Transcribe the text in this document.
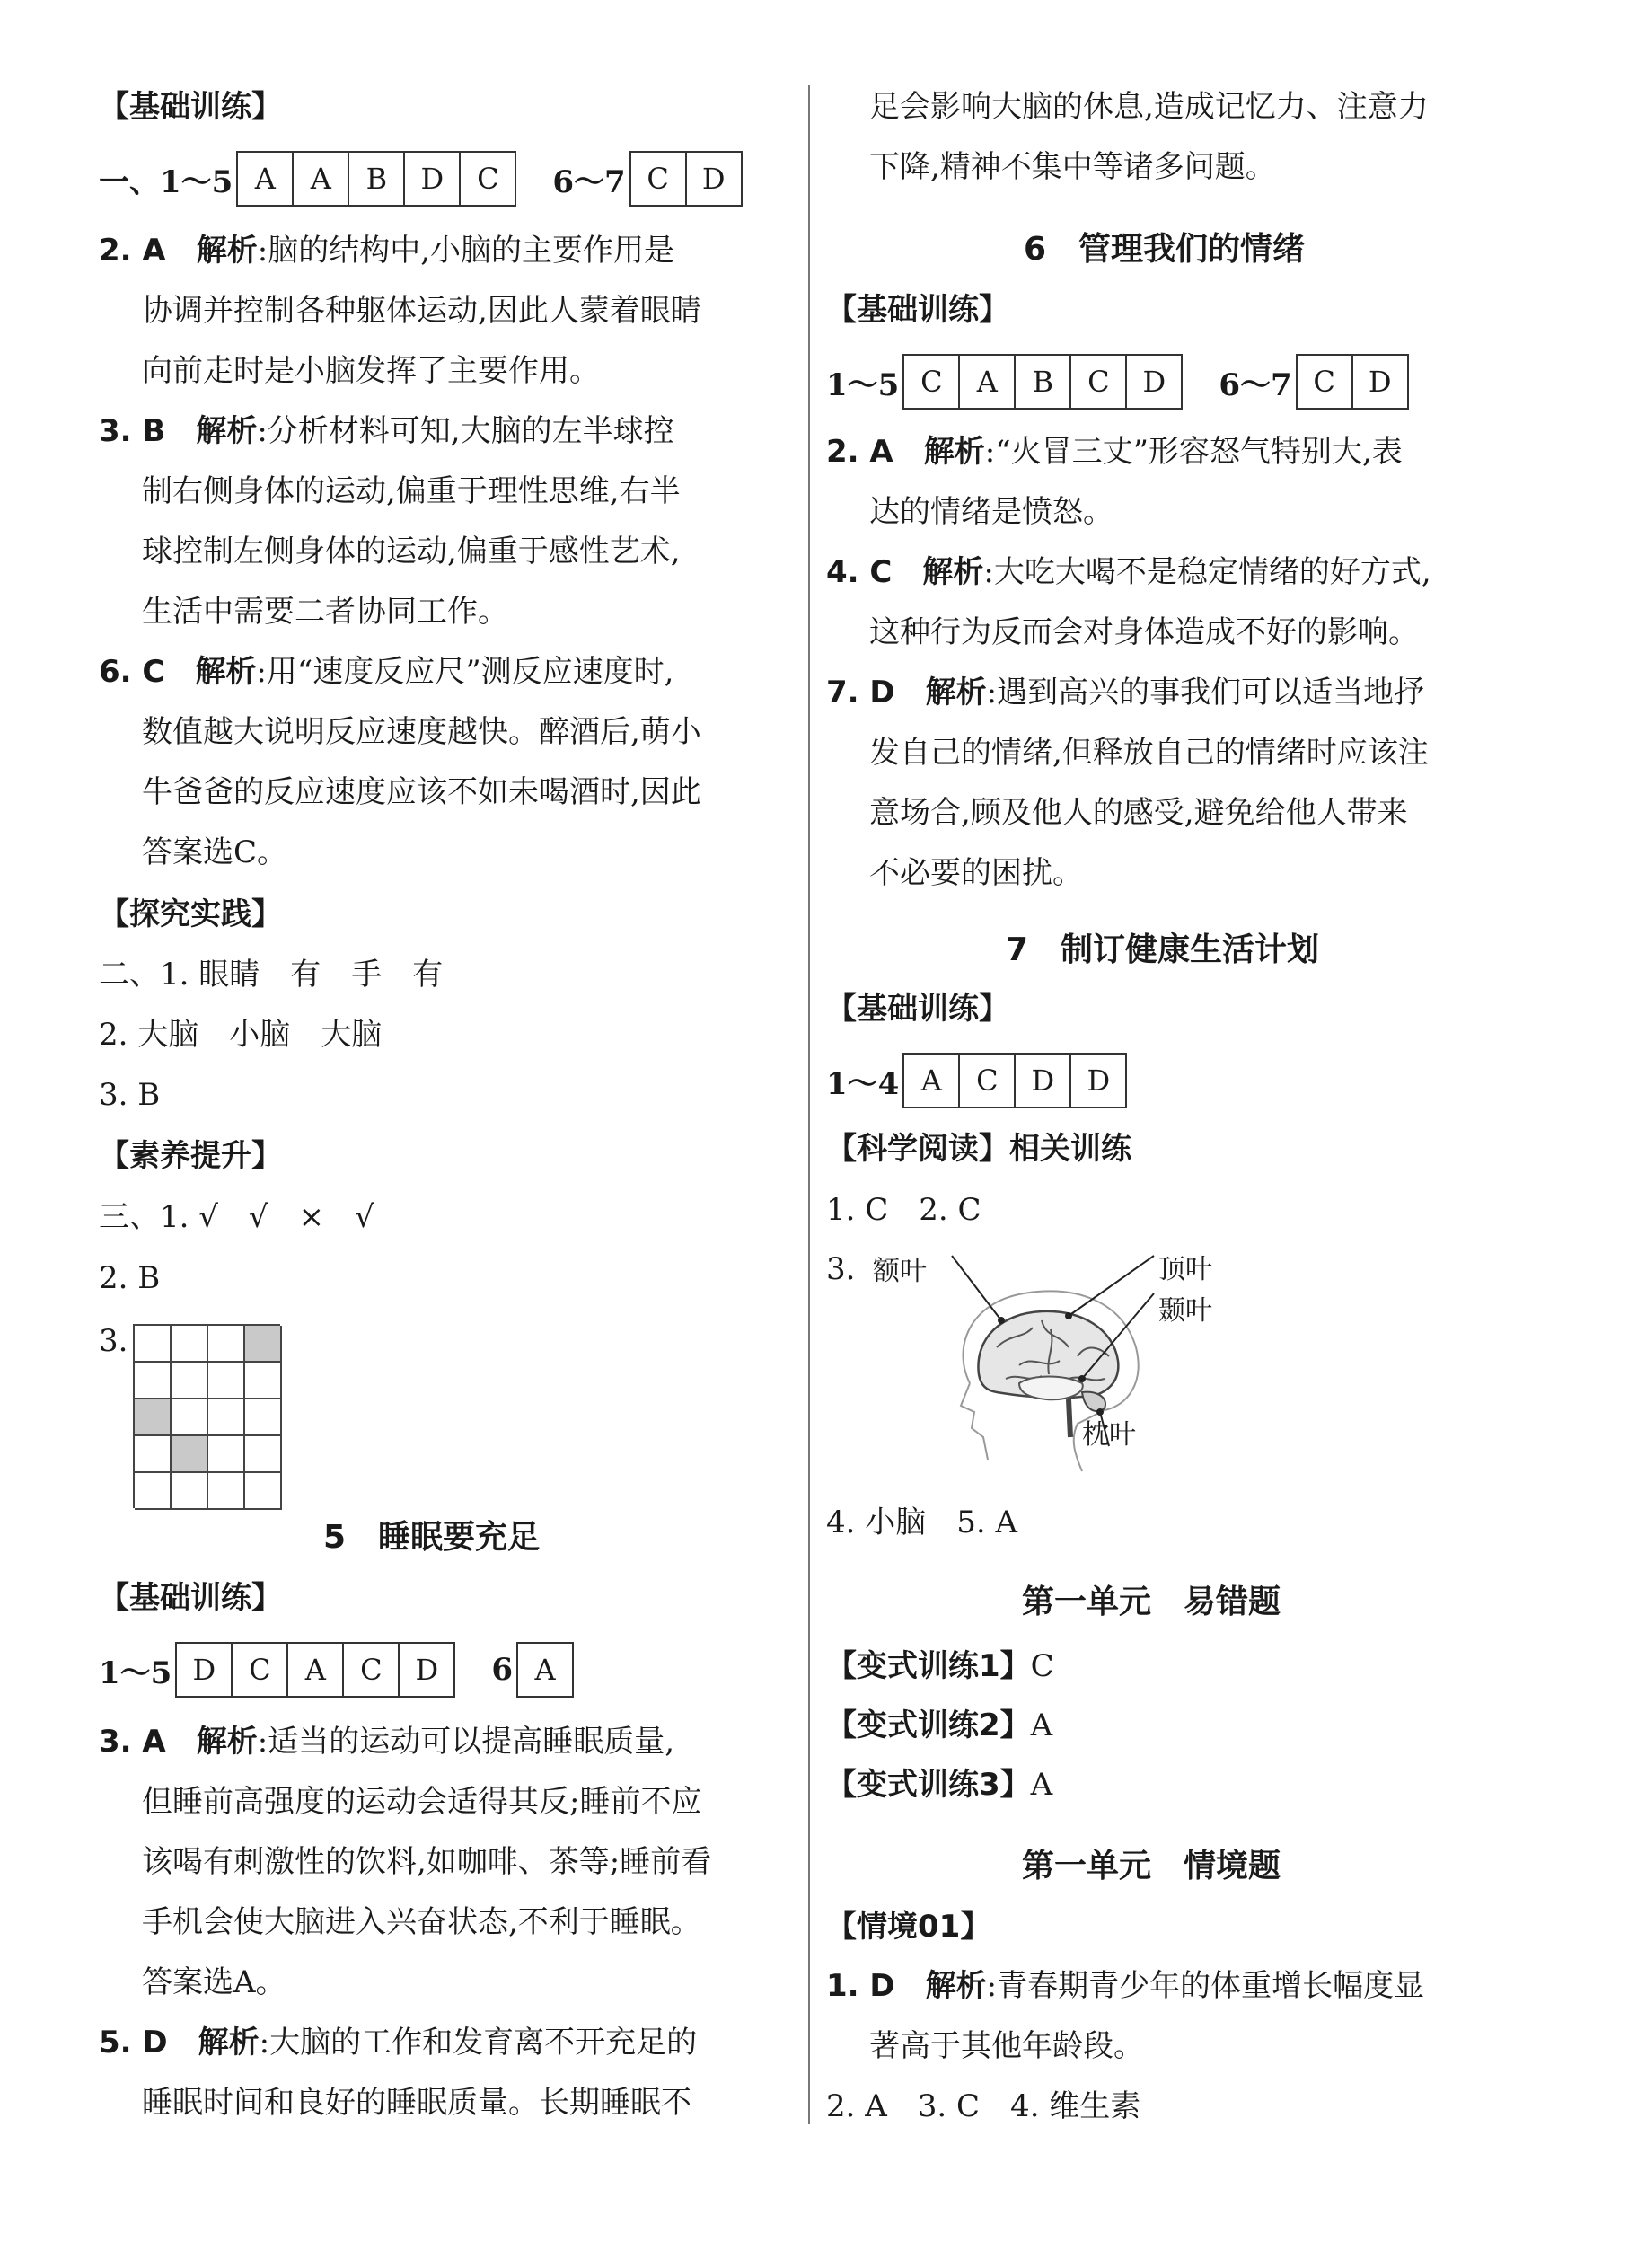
【基础训练】
一、1～5 A	A	B	D	C	6～7 C	D
2. A　 解析:脑的结构中,小脑的主要作用是
协调并控制各种躯体运动,因此人蒙着眼睛
向前走时是小脑发挥了主要作用。
3. B　 解析:分析材料可知,大脑的左半球控
制右侧身体的运动,偏重于理性思维,右半
球控制左侧身体的运动,偏重于感性艺术,
生活中需要二者协同工作。
6. C　 解析:用“速度反应尺”测反应速度时,
数值越大说明反应速度越快。醉酒后,萌小
牛爸爸的反应速度应该不如未喝酒时,因此
答案选C。
【探究实践】
二、1. 眼睛　有　手　有
2. 大脑　小脑　大脑
3. B
【素养提升】
三、1. √　√　×　√
2. B
3.
5　睡眠要充足
【基础训练】
1～5 D	C	A	C	D	6 A
3. A　 解析:适当的运动可以提高睡眠质量,
但睡前高强度的运动会适得其反;睡前不应
该喝有刺激性的饮料,如咖啡、茶等;睡前看
手机会使大脑进入兴奋状态,不利于睡眠。
答案选A。
5. D　 解析:大脑的工作和发育离不开充足的
睡眠时间和良好的睡眠质量。长期睡眠不
足会影响大脑的休息,造成记忆力、注意力
下降,精神不集中等诸多问题。
6　管理我们的情绪
【基础训练】
1～5 C	A	B	C	D	6～7 C	D
2. A　 解析:“火冒三丈”形容怒气特别大,表
达的情绪是愤怒。
4. C　 解析:大吃大喝不是稳定情绪的好方式,
这种行为反而会对身体造成不好的影响。
7. D　 解析:遇到高兴的事我们可以适当地抒
发自己的情绪,但释放自己的情绪时应该注
意场合,顾及他人的感受,避免给他人带来
不必要的困扰。
7　制订健康生活计划
【基础训练】
1～4 A	C	D	D
【科学阅读】相关训练
1. C　2. C
3. 额叶	顶叶
颞叶
枕叶
4. 小脑　5. A
第一单元　易错题
【变式训练1】C
【变式训练2】A
【变式训练3】A
第一单元　情境题
【情境01】
1. D　 解析:青春期青少年的体重增长幅度显
著高于其他年龄段。
2. A　3. C　4. 维生素
